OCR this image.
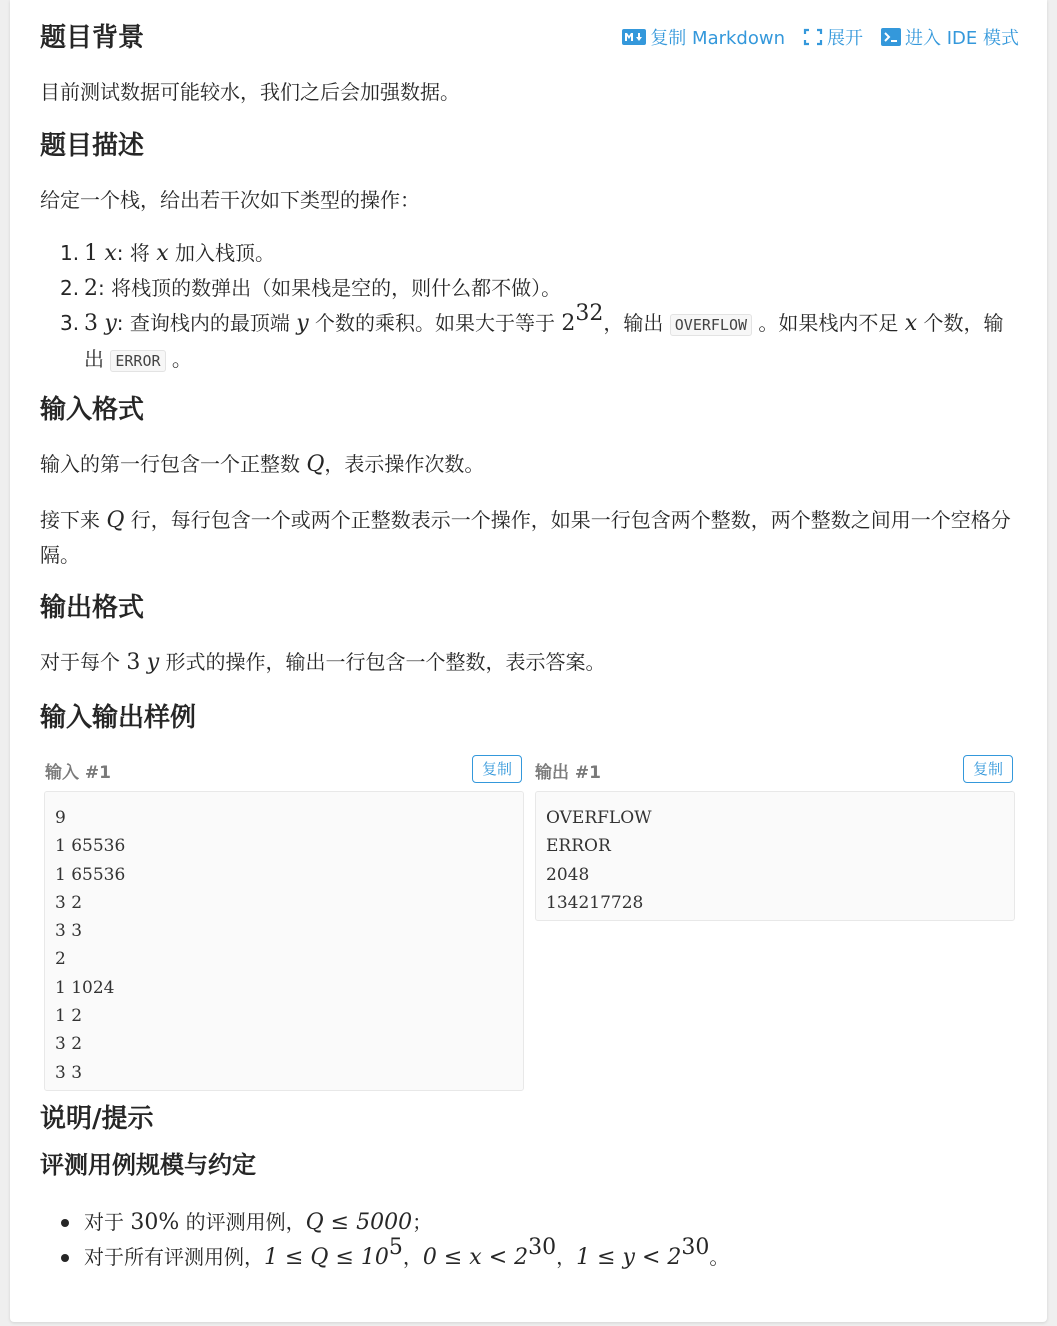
复制 Markdown 展开 进入 IDE 模式
题目背景

目前测试数据可能较水，我们之后会加强数据。

题目描述

给定一个栈，给出若干次如下类型的操作：

1. 1 x: 将 x 加入栈顶。
2. 2: 将栈顶的数弹出（如果栈是空的，则什么都不做）。
3. 3 y: 查询栈内的最顶端 y 个数的乘积。如果大于等于 $2^{32}$，输出 OVERFLOW 。如果栈内不足 x 个数，输出 ERROR 。
输入格式

输入的第一行包含一个正整数 Q，表示操作次数。

接下来 Q 行，每行包含一个或两个正整数表示一个操作，如果一行包含两个整数，两个整数之间用一个空格分隔。

输出格式

对于每个 3 y 形式的操作，输出一行包含一个整数，表示答案。

输入输出样例
输入 #1	复制
9
1 65536
1 65536
3 2
3 3
2
1 1024
1 2
3 2
3 3
输出 #1	复制
OVERFLOW
ERROR
2048
134217728
说明/提示
评测用例规模与约定
对于 30% 的评测用例，Q ≤ 5000；
对于所有评测用例，$1 \le Q \le 10^5$，$0 \le x < 2^{30}$，$1 \le y < 2^{30}$。
